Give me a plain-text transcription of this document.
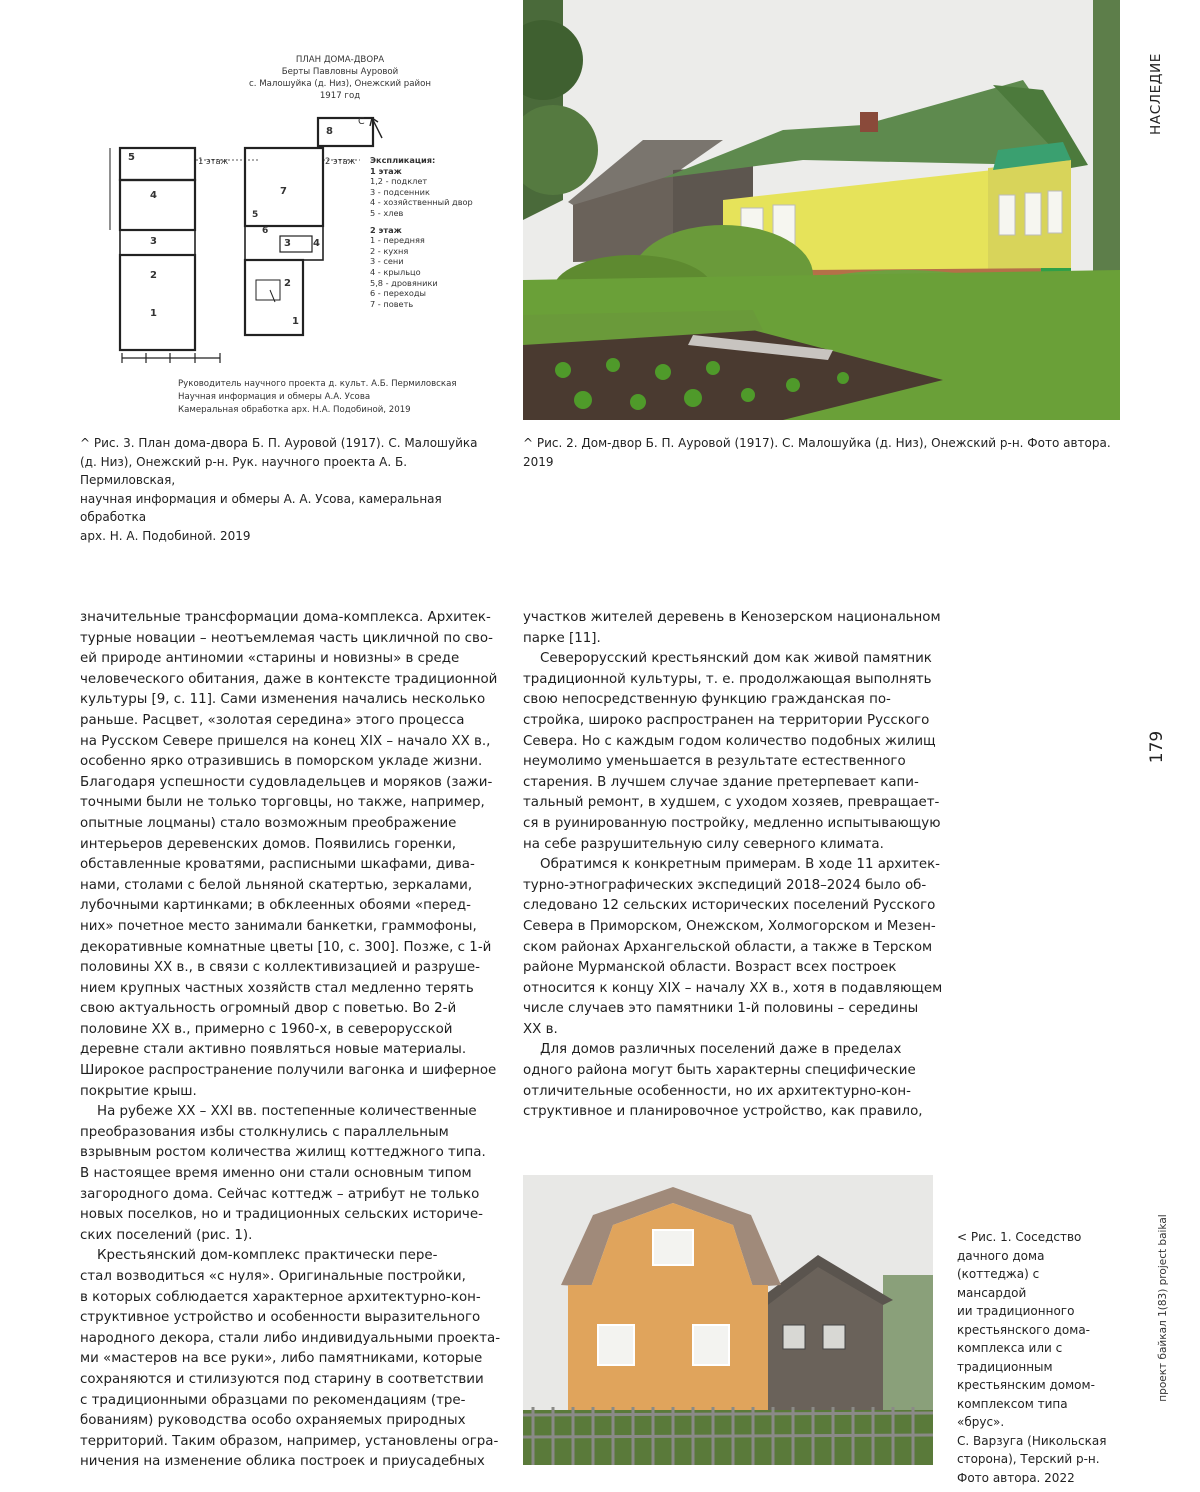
НАСЛЕДИЕ
179
проект байкал 1(83) project baikal
ПЛАН ДОМА-ДВОРА
Берты Павловны Ауровой
с. Малошуйка (д. Низ), Онежский район
1917 год
5
4
3
2
1
8
7
5
6
3 4
2
1
1 этаж	2 этаж
С
Экспликация:
1 этаж
1,2 - подклет
3 - подсенник
4 - хозяйственный двор
5 - хлев
2 этаж
1 - передняя
2 - кухня
3 - сени
4 - крыльцо
5,8 - дровяники
6 - переходы
7 - поветь
Руководитель научного проекта д. культ. А.Б. Пермиловская
Научная информация и обмеры А.А. Усова
Камеральная обработка арх. Н.А. Подобиной, 2019
^ Рис. 3. План дома-двора Б. П. Ауровой (1917). С. Малошуйка
(д. Низ), Онежский р-н. Рук. научного проекта А. Б. Пермиловская,
научная информация и обмеры А. А. Усова, камеральная обработка
арх. Н. А. Подобиной. 2019
^ Рис. 2. Дом-двор Б. П. Ауровой (1917). С. Малошуйка (д. Низ), Онежский р-н. Фото автора. 2019
значительные трансформации дома-комплекса. Архитек-
турные новации – неотъемлемая часть цикличной по сво-
ей природе антиномии «старины и новизны» в среде
человеческого обитания, даже в контексте традиционной
культуры [9, с. 11]. Сами изменения начались несколько
раньше. Расцвет, «золотая середина» этого процесса
на Русском Севере пришелся на конец XIX – начало XX в.,
особенно ярко отразившись в поморском укладе жизни.
Благодаря успешности судовладельцев и моряков (зажи-
точными были не только торговцы, но также, например,
опытные лоцманы) стало возможным преображение
интерьеров деревенских домов. Появились горенки,
обставленные кроватями, расписными шкафами, дива-
нами, столами с белой льняной скатертью, зеркалами,
лубочными картинками; в обклеенных обоями «перед-
них» почетное место занимали банкетки, граммофоны,
декоративные комнатные цветы [10, с. 300]. Позже, с 1-й
половины XX в., в связи с коллективизацией и разруше-
нием крупных частных хозяйств стал медленно терять
свою актуальность огромный двор с поветью. Во 2-й
половине XX в., примерно с 1960-х, в северорусской
деревне стали активно появляться новые материалы.
Широкое распространение получили вагонка и шиферное
покрытие крыш.
На рубеже XX – XXI вв. постепенные количественные
преобразования избы столкнулись с параллельным
взрывным ростом количества жилищ коттеджного типа.
В настоящее время именно они стали основным типом
загородного дома. Сейчас коттедж – атрибут не только
новых поселков, но и традиционных сельских историче-
ских поселений (рис. 1).
Крестьянский дом-комплекс практически пере-
стал возводиться «с нуля». Оригинальные постройки,
в которых соблюдается характерное архитектурно-кон-
структивное устройство и особенности выразительного
народного декора, стали либо индивидуальными проекта-
ми «мастеров на все руки», либо памятниками, которые
сохраняются и стилизуются под старину в соответствии
с традиционными образцами по рекомендациям (тре-
бованиям) руководства особо охраняемых природных
территорий. Таким образом, например, установлены огра-
ничения на изменение облика построек и приусадебных
участков жителей деревень в Кенозерском национальном
парке [11].
Северорусский крестьянский дом как живой памятник
традиционной культуры, т. е. продолжающая выполнять
свою непосредственную функцию гражданская по-
стройка, широко распространен на территории Русского
Севера. Но с каждым годом количество подобных жилищ
неумолимо уменьшается в результате естественного
старения. В лучшем случае здание претерпевает капи-
тальный ремонт, в худшем, с уходом хозяев, превращает-
ся в руинированную постройку, медленно испытывающую
на себе разрушительную силу северного климата.
Обратимся к конкретным примерам. В ходе 11 архитек-
турно-этнографических экспедиций 2018–2024 было об-
следовано 12 сельских исторических поселений Русского
Севера в Приморском, Онежском, Холмогорском и Мезен-
ском районах Архангельской области, а также в Терском
районе Мурманской области. Возраст всех построек
относится к концу XIX – началу XX в., хотя в подавляющем
числе случаев это памятники 1-й половины – середины
XX в.
Для домов различных поселений даже в пределах
одного района могут быть характерны специфические
отличительные особенности, но их архитектурно-кон-
структивное и планировочное устройство, как правило,
< Рис. 1. Соседство
дачного дома
(коттеджа) с мансардой
ии традиционного
крестьянского дома-
комплекса или с
традиционным
крестьянским домом-
комплексом типа «брус».
С. Варзуга (Никольская
сторона), Терский р-н.
Фото автора. 2022
